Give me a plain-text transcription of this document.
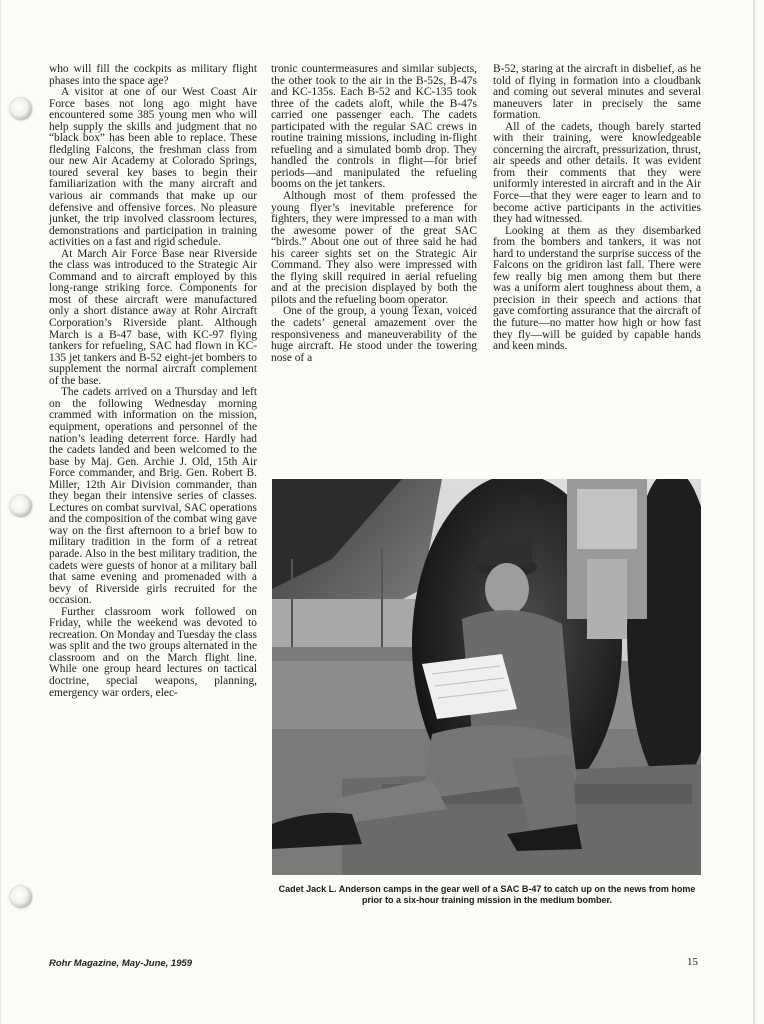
who will fill the cockpits as military flight phases into the space age?

A visitor at one of our West Coast Air Force bases not long ago might have encountered some 385 young men who will help supply the skills and judgment that no “black box” has been able to replace. These fledgling Falcons, the freshman class from our new Air Academy at Colorado Springs, toured several key bases to begin their familiarization with the many aircraft and various air commands that make up our defensive and offensive forces. No pleasure junket, the trip involved classroom lectures, demonstrations and participation in training activities on a fast and rigid schedule.

At March Air Force Base near Riverside the class was introduced to the Strategic Air Command and to aircraft employed by this long-range striking force. Components for most of these aircraft were manufactured only a short distance away at Rohr Aircraft Corporation’s Riverside plant. Although March is a B-47 base, with KC-97 flying tankers for refueling, SAC had flown in KC-135 jet tankers and B-52 eight-jet bombers to supplement the normal aircraft complement of the base.

The cadets arrived on a Thursday and left on the following Wednesday morning crammed with information on the mission, equipment, operations and personnel of the nation’s leading deterrent force. Hardly had the cadets landed and been welcomed to the base by Maj. Gen. Archie J. Old, 15th Air Force commander, and Brig. Gen. Robert B. Miller, 12th Air Division commander, than they began their intensive series of classes. Lectures on combat survival, SAC operations and the composition of the combat wing gave way on the first afternoon to a brief bow to military tradition in the form of a retreat parade. Also in the best military tradition, the cadets were guests of honor at a military ball that same evening and promenaded with a bevy of Riverside girls recruited for the occasion.

Further classroom work followed on Friday, while the weekend was devoted to recreation. On Monday and Tuesday the class was split and the two groups alternated in the classroom and on the March flight line. While one group heard lectures on tactical doctrine, special weapons, planning, emergency war orders, elec-

tronic countermeasures and similar subjects, the other took to the air in the B-52s, B-47s and KC-135s. Each B-52 and KC-135 took three of the cadets aloft, while the B-47s carried one passenger each. The cadets participated with the regular SAC crews in routine training missions, including in-flight refueling and a simulated bomb drop. They handled the controls in flight—for brief periods—and manipulated the refueling booms on the jet tankers.

Although most of them professed the young flyer’s inevitable preference for fighters, they were impressed to a man with the awesome power of the great SAC “birds.” About one out of three said he had his career sights set on the Strategic Air Command. They also were impressed with the flying skill required in aerial refueling and at the precision displayed by both the pilots and the refueling boom operator.

One of the group, a young Texan, voiced the cadets’ general amazement over the responsiveness and maneuverability of the huge aircraft. He stood under the towering nose of a

B-52, staring at the aircraft in disbelief, as he told of flying in formation into a cloudbank and coming out several minutes and several maneuvers later in precisely the same formation.

All of the cadets, though barely started with their training, were knowledgeable concerning the aircraft, pressurization, thrust, air speeds and other details. It was evident from their comments that they were uniformly interested in aircraft and in the Air Force—that they were eager to learn and to become active participants in the activities they had witnessed.

Looking at them as they disembarked from the bombers and tankers, it was not hard to understand the surprise success of the Falcons on the gridiron last fall. There were few really big men among them but there was a uniform alert toughness about them, a precision in their speech and actions that gave comforting assurance that the aircraft of the future—no matter how high or how fast they fly—will be guided by capable hands and keen minds.

Cadet Jack L. Anderson camps in the gear well of a SAC B-47 to catch up on the news from home prior to a six-hour training mission in the medium bomber.
Rohr Magazine, May-June, 1959	15
